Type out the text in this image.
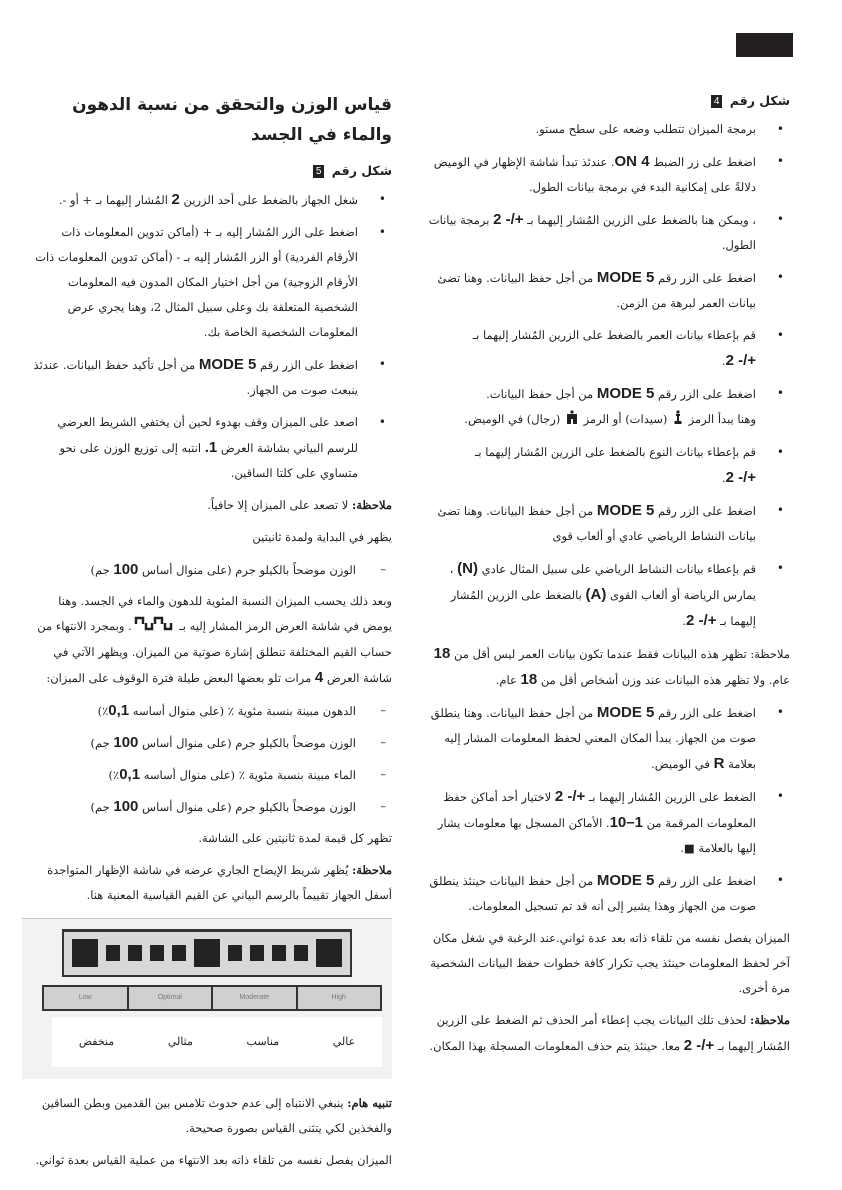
شكل رقم 4
• برمجة الميزان تتطلب وضعه على سطح مستو.
• اضغط على زر الضبط 4 ON. عندئذ تبدأ شاشة الإظهار في الوميض دلالةً على إمكانية البدء في برمجة بيانات الطول.
• ، ويمكن هنا بالضغط على الزرين المُشار إليهما بـ +/- 2 برمجة بيانات الطول.
• اضغط على الزر رقم 5 MODE من أجل حفظ البيانات. وهنا تضئ بيانات العمر لبرهة من الزمن.
• قم بإعطاء بيانات العمر بالضغط على الزرين المُشار إليهما بـ
+/- 2.
• اضغط على الزر رقم 5 MODE من أجل حفظ البيانات.
وهنا يبدأ الرمز  (سيدات) أو الرمز  (رجال) في الوميض.
• قم بإعطاء بيانات النوع بالضغط على الزرين المُشار إليهما بـ
+/- 2.
• اضغط على الزر رقم 5 MODE من أجل حفظ البيانات. وهنا تضئ بيانات النشاط الرياضي عادي أو ألعاب قوى
• قم بإعطاء بيانات النشاط الرياضي على سبيل المثال عادي (N) ، يمارس الرياضة أو ألعاب القوى (A) بالضغط على الزرين المُشار إليهما بـ +/- 2.

ملاحظة: تظهر هذه البيانات فقط عندما تكون بيانات العمر ليس أقل من 18 عام. ولا تظهر هذه البيانات عند وزن أشخاص أقل من 18 عام.

• اضغط على الزر رقم 5 MODE من أجل حفظ البيانات. وهنا ينطلق صوت من الجهاز. يبدأ المكان المعني لحفظ المعلومات المشار إليه بعلامة R في الوميض.
• الضغط على الزرين المُشار إليهما بـ +/- 2 لاختيار أحد أماكن حفظ المعلومات المرقمة من 1–10. الأماكن المسجل بها معلومات يشار إليها بالعلامة ■.
• اضغط على الزر رقم 5 MODE من أجل حفظ البيانات حينئذ ينطلق صوت من الجهاز وهذا يشير إلى أنه قد تم تسجيل المعلومات.

الميزان يفصل نفسه من تلقاء ذاته بعد عدة ثواني.عند الرغبة في شغل مكان آخر لحفظ المعلومات حينئذ يجب تكرار كافة خطوات حفظ البيانات الشخصية مرة أخرى.

ملاحظة: لحذف تلك البيانات يجب إعطاء أمر الحذف ثم الضغط على الزرين المُشار إليهما بـ +/- 2 معا. حينئذ يتم حذف المعلومات المسجلة بهذا المكان.

قياس الوزن والتحقق من نسبة الدهون والماء في الجسد
شكل رقم 5
• شغل الجهاز بالضغط على أحد الزرين 2 المُشار إليهما بـ + أو -.
• اضغط على الزر المُشار إليه بـ + (أماكن تدوين المعلومات ذات الأرقام الفردية) أو الزر المُشار إليه بـ - (أماكن تدوين المعلومات ذات الأرقام الزوجية) من أجل اختيار المكان المدون فيه المعلومات الشخصية المتعلقة بك وعلى سبيل المثال 2، وهنا يجري عرض المعلومات الشخصية الخاصة بك.
• اضغط على الزر رقم 5 MODE من أجل تأكيد حفظ البيانات. عندئذ ينبعث صوت من الجهاز.
• اصعد على الميزان وقف بهدوء لحين أن يختفي الشريط العرضي للرسم البياني بشاشة العرض 1. انتبه إلى توزيع الوزن على نحو متساوي على كلتا الساقين.

ملاحظة: لا تصعد على الميزان إلا حافياً.

يظهر في البداية ولمدة ثانيتين

– الوزن موضحاً بالكيلو جرم (على منوال أساس 100 جم)

وبعد ذلك يحسب الميزان النسبة المئوية للدهون والماء في الجسد. وهنا يومض في شاشة العرض الرمز المشار إليه بـ . وبمجرد الانتهاء من حساب القيم المختلفة تنطلق إشارة صوتية من الميزان. ويظهر الآتي في شاشة العرض 4 مرات تلو بعضها البعض طيلة فترة الوقوف على الميزان:

– الدهون مبينة بنسبة مئوية ٪ (على منوال أساسه 0,1٪)
– الوزن موضحاً بالكيلو جرم (على منوال أساس 100 جم)
– الماء مبينة بنسبة مئوية ٪ (على منوال أساسه 0,1٪)
– الوزن موضحاً بالكيلو جرم (على منوال أساس 100 جم)

تظهر كل قيمة لمدة ثانيتين على الشاشة.

ملاحظة: يُظهر شريط الإيضاح الجاري عرضه في شاشة الإظهار المتواجدة أسفل الجهاز تقييماً بالرسم البياني عن القيم القياسية المعنية هنا.

Low	Optimal	Moderate	High
عالي
مناسب
مثالي
منخفض

تنبيه هام: ينبغي الانتباه إلى عدم حدوث تلامس بين القدمين وبطن الساقين والفخذين لكي يتثنى القياس بصورة صحيحة.

الميزان يفصل نفسه من تلقاء ذاته بعد الانتهاء من عملية القياس بعدة ثواني.
